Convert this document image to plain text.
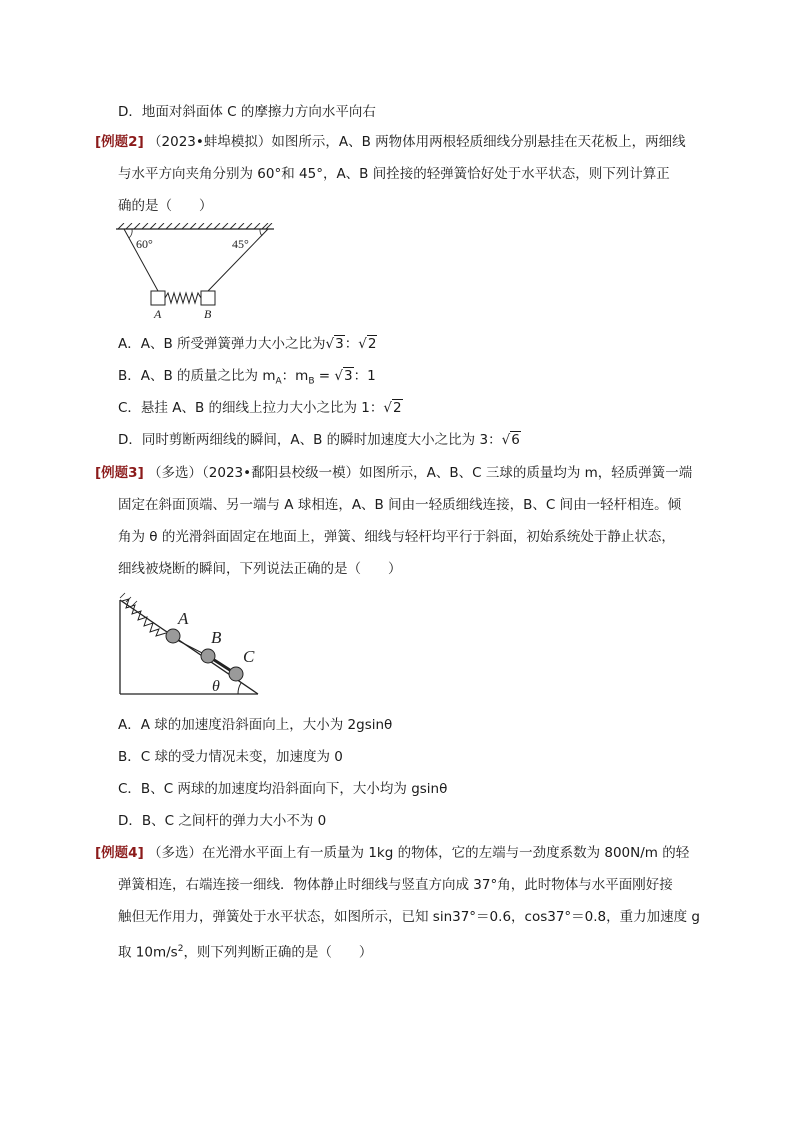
D．地面对斜面体 C 的摩擦力方向水平向右
[例题2] （2023•蚌埠模拟）如图所示，A、B 两物体用两根轻质细线分别悬挂在天花板上，两细线
与水平方向夹角分别为 60°和 45°，A、B 间拴接的轻弹簧恰好处于水平状态，则下列计算正
确的是（　　）
60°	45°
A	B
A．A、B 所受弹簧弹力大小之比为√3：√2
B．A、B 的质量之比为 $m_A$：$m_B = √3$：1
C．悬挂 A、B 的细线上拉力大小之比为 1：√2
D．同时剪断两细线的瞬间，A、B 的瞬时加速度大小之比为 3：√6
[例题3] （多选）（2023•鄱阳县校级一模）如图所示，A、B、C 三球的质量均为 m，轻质弹簧一端
固定在斜面顶端、另一端与 A 球相连，A、B 间由一轻质细线连接，B、C 间由一轻杆相连。倾
角为 θ 的光滑斜面固定在地面上，弹簧、细线与轻杆均平行于斜面，初始系统处于静止状态，
细线被烧断的瞬间，下列说法正确的是（　　）
A
B
C
θ
A．A 球的加速度沿斜面向上，大小为 2gsinθ
B．C 球的受力情况未变，加速度为 0
C．B、C 两球的加速度均沿斜面向下，大小均为 gsinθ
D．B、C 之间杆的弹力大小不为 0
[例题4] （多选）在光滑水平面上有一质量为 1kg 的物体，它的左端与一劲度系数为 800N/m 的轻
弹簧相连，右端连接一细线．物体静止时细线与竖直方向成 37°角，此时物体与水平面刚好接
触但无作用力，弹簧处于水平状态，如图所示，已知 sin37°＝0.6，cos37°＝0.8，重力加速度 g
取 $10m/s^2$，则下列判断正确的是（　　）
